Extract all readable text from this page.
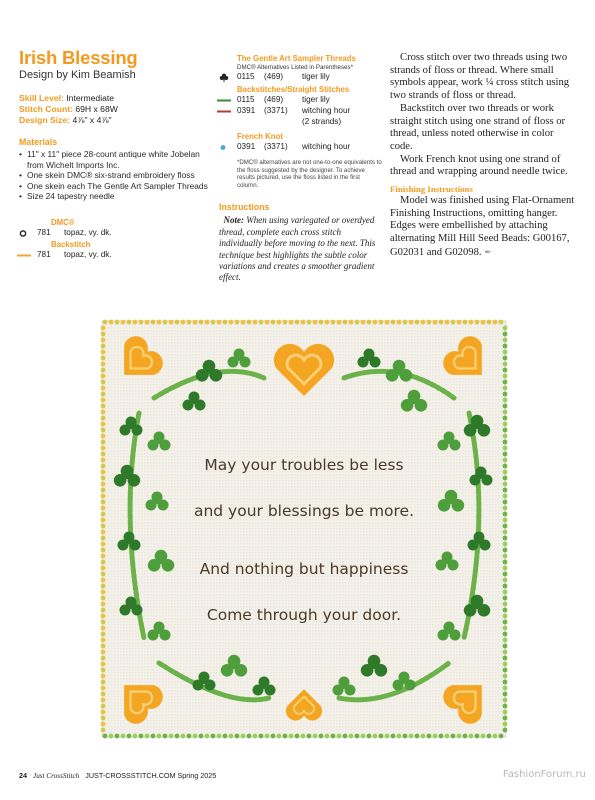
Irish Blessing
Design by Kim Beamish
Skill Level: Intermediate
Stitch Count: 69H x 68W
Design Size: 4⅞" x 4⅞"
Materials
• 11" x 11" piece 28-count antique white Jobelan from Wichelt Imports Inc.
• One skein DMC® six-strand embroidery floss
• One skein each The Gentle Art Sampler Threads
• Size 24 tapestry needle
DMC®
781 topaz, vy. dk.
Backstitch
781 topaz, vy. dk.
The Gentle Art Sampler Threads
DMC® Alternatives Listed in Parentheses*
0115 (469) tiger lily
Backstitches/Straight Stitches
0115 (469) tiger lily
0391 (3371) witching hour
(2 strands)
French Knot
0391 (3371) witching hour
*DMC® alternatives are not one-to-one equivalents to the floss suggested by the designer. To achieve results pictured, use the floss listed in the first column.
Instructions
Note: When using variegated or overdyed thread, complete each cross stitch individually before moving to the next. This technique best highlights the subtle color variations and creates a smoother gradient effect.

Cross stitch over two threads using two strands of floss or thread. Where small symbols appear, work ¼ cross stitch using two strands of floss or thread.

Backstitch over two threads or work straight stitch using one strand of floss or thread, unless noted otherwise in color code.

Work French knot using one strand of thread and wrapping around needle twice.

Finishing Instructions

Model was finished using Flat-Ornament Finishing Instructions, omitting hanger. Edges were embellished by attaching alternating Mill Hill Seed Beads: G00167, G02031 and G02098. ✒

May your troubles be less
and your blessings be more.
And nothing but happiness
Come through your door.
24 Just CrossStitch JUST-CROSSSTITCH.COM Spring 2025	FashionForum.ru
